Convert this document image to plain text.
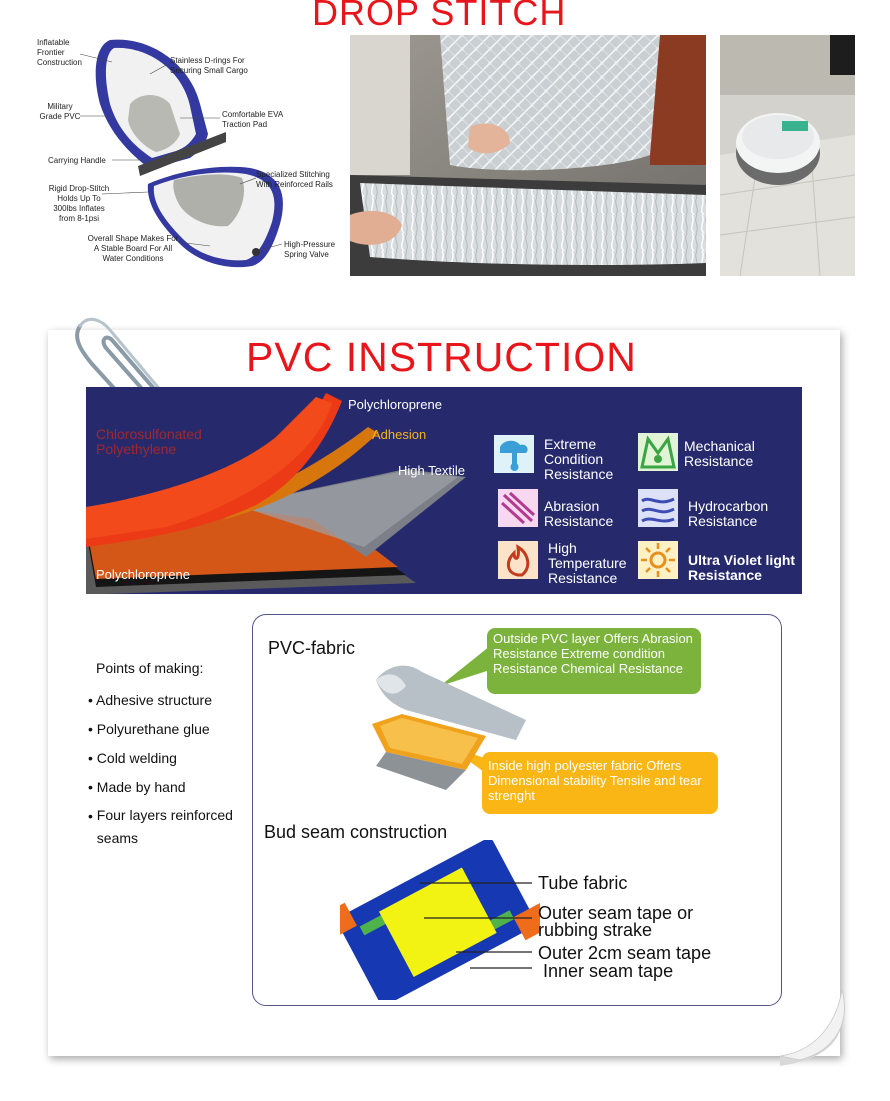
DROP STITCH
Inflatable Frontier Construction	Stainless D-rings For Securing Small Cargo
Military Grade PVC	Comfortable EVA Traction Pad
Carrying Handle
Rigid Drop-Stitch Holds Up To 300lbs Inflates from 8-1psi
Specialized Stitching With Reinforced Rails
Overall Shape Makes For A Stable Board For All Water Conditions
High-Pressure Spring Valve
PVC INSTRUCTION
Polychloroprene
Adhesion
High Textile
Chlorosulfonated Polyethylene
Polychloroprene
Extreme Condition Resistance
Mechanical Resistance
Abrasion Resistance
Hydrocarbon Resistance
High Temperature Resistance
Ultra Violet light Resistance
Points of making:
• Adhesive structure
• Polyurethane glue
• Cold welding
• Made by hand
• Four layers reinforced seams
PVC-fabric	Outside PVC layer Offers Abrasion Resistance Extreme condition Resistance Chemical Resistance
Inside high polyester fabric Offers Dimensional stability Tensile and tear strenght
Bud seam construction
Tube fabric
Outer seam tape or rubbing strake
Outer 2cm seam tape
Inner seam tape
